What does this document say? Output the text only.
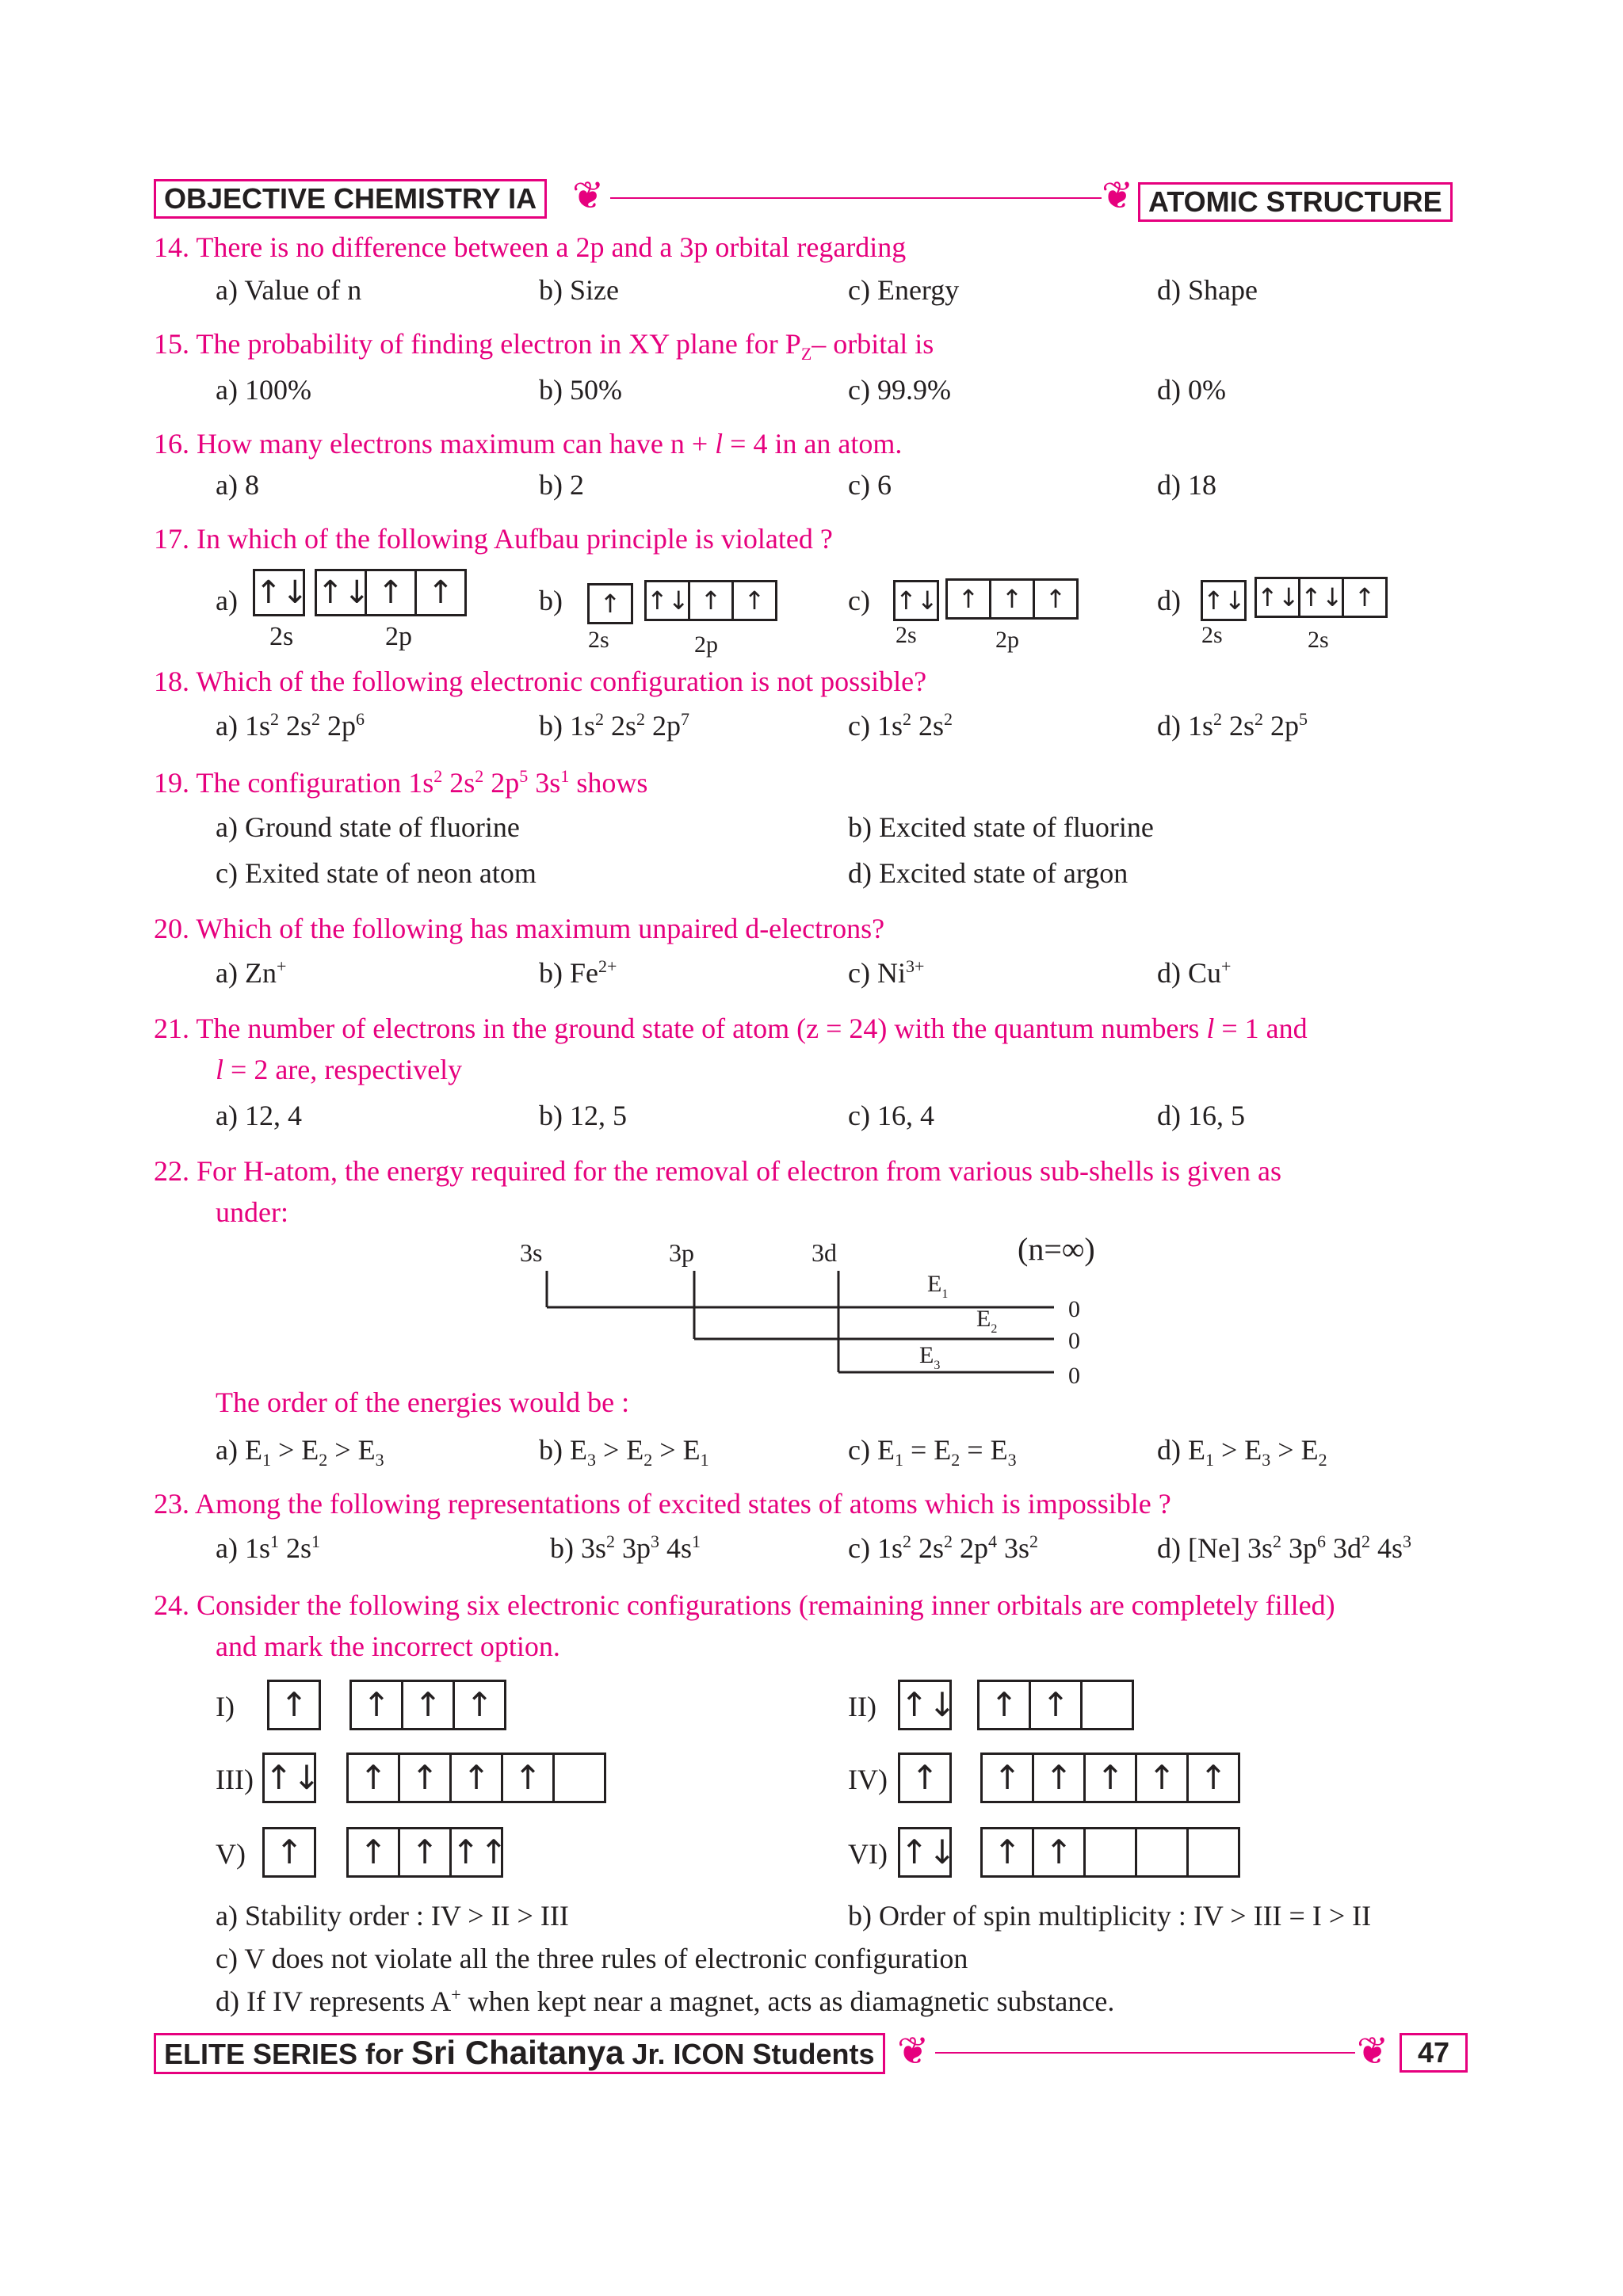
OBJECTIVE CHEMISTRY IA ❦	❦ ATOMIC STRUCTURE
14. There is no difference between a 2p and a 3p orbital regarding
a) Value of n	b) Size	c) Energy	d) Shape
15. The probability of finding electron in XY plane for $P_Z-$ orbital is
a) 100%	b) 50%	c) 99.9%	d) 0%
16. How many electrons maximum can have n + l = 4 in an atom.
a) 8	b) 2	c) 6	d) 18
17. In which of the following Aufbau principle is violated ?
a) ↑↓ ↑↓ ↑ ↑
2s	2p
b)	↑	↑↓ ↑ ↑
2s	2p
c) ↑↓ ↑ ↑ ↑
2s	2p
d) ↑↓ ↑↓ ↑↓ ↑
2s	2s
18. Which of the following electronic configuration is not possible?
a) $1s^2$ $2s^2$ $2p^6$	b) $1s^2$ $2s^2$ $2p^7$	c) $1s^2$ $2s^2$	d) $1s^2$ $2s^2$ $2p^5$
19. The configuration $1s^2$ $2s^2$ $2p^5$ $3s^1$ shows
a) Ground state of fluorine	b) Excited state of fluorine
c) Exited state of neon atom	d) Excited state of argon
20. Which of the following has maximum unpaired d-electrons?
a) Zn+	b) $Fe^{2+}$	c) $Ni^{3+}$	d) Cu+
21. The number of electrons in the ground state of atom (z = 24) with the quantum numbers l = 1 and
l = 2 are, respectively
a) 12, 4	b) 12, 5	c) 16, 4	d) 16, 5
22. For H-atom, the energy required for the removal of electron from various sub-shells is given as
under:
3s	3p	3d	(n=∞)
$E_1$
$E_2$
$E_3$
0
0
0
The order of the energies would be :
a) $E_1 > E_2 > E_3$	b) $E_3 > E_2 > E_1$	c) $E_1 = E_2 = E_3$	d) $E_1 > E_3 > E_2$
23. Among the following representations of excited states of atoms which is impossible ?
a) $1s^1$ $2s^1$	b) $3s^2$ $3p^3$ $4s^1$	c) $1s^2$ $2s^2$ $2p^4$ $3s^2$	d) [Ne] $3s^2$ $3p^6$ $3d^2$ $4s^3$
24. Consider the following six electronic configurations (remaining inner orbitals are completely filled)
and mark the incorrect option.
I)	↑	↑ ↑ ↑	II) ↑↓	↑ ↑
III) ↑↓	↑ ↑ ↑ ↑	IV) ↑	↑ ↑ ↑ ↑ ↑
V) ↑	↑ ↑ ↑↑	VI) ↑↓	↑ ↑
a) Stability order : IV > II > III	b) Order of spin multiplicity : IV > III = I > II
c) V does not violate all the three rules of electronic configuration
d) If IV represents A+ when kept near a magnet, acts as diamagnetic substance.
ELITE SERIES for Sri Chaitanya Jr. ICON Students ❦	❦	47
